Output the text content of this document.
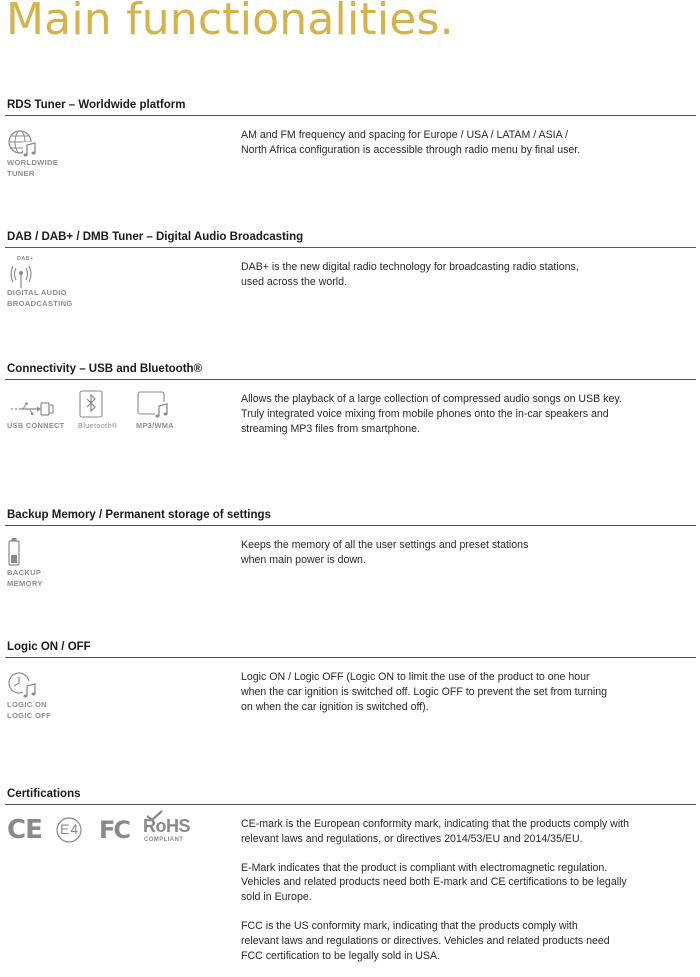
Main functionalities.
RDS Tuner – Worldwide platform
WORLDWIDE
TUNER
AM and FM frequency and spacing for Europe / USA / LATAM / ASIA /
North Africa configuration is accessible through radio menu by final user.
DAB / DAB+ / DMB Tuner – Digital Audio Broadcasting
DAB+
DIGITAL AUDIO
BROADCASTING
DAB+ is the new digital radio technology for broadcasting radio stations,
used across the world.
Connectivity – USB and Bluetooth®
USB CONNECT	Bluetooth® MP3/WMA
Allows the playback of a large collection of compressed audio songs on USB key.
Truly integrated voice mixing from mobile phones onto the in-car speakers and
streaming MP3 files from smartphone.
Backup Memory / Permanent storage of settings
BACKUP
MEMORY
Keeps the memory of all the user settings and preset stations
when main power is down.
Logic ON / OFF
LOGIC ON
LOGIC OFF
Logic ON / Logic OFF (Logic ON to limit the use of the product to one hour
when the car ignition is switched off. Logic OFF to prevent the set from turning
on when the car ignition is switched off).
Certifications
CE E4 FC RoHS
COMPLIANT

CE-mark is the European conformity mark, indicating that the products comply with
relevant laws and regulations, or directives 2014/53/EU and 2014/35/EU.

E-Mark indicates that the product is compliant with electromagnetic regulation.
Vehicles and related products need both E-mark and CE certifications to be legally
sold in Europe.

FCC is the US conformity mark, indicating that the products comply with
relevant laws and regulations or directives. Vehicles and related products need
FCC certification to be legally sold in USA.
